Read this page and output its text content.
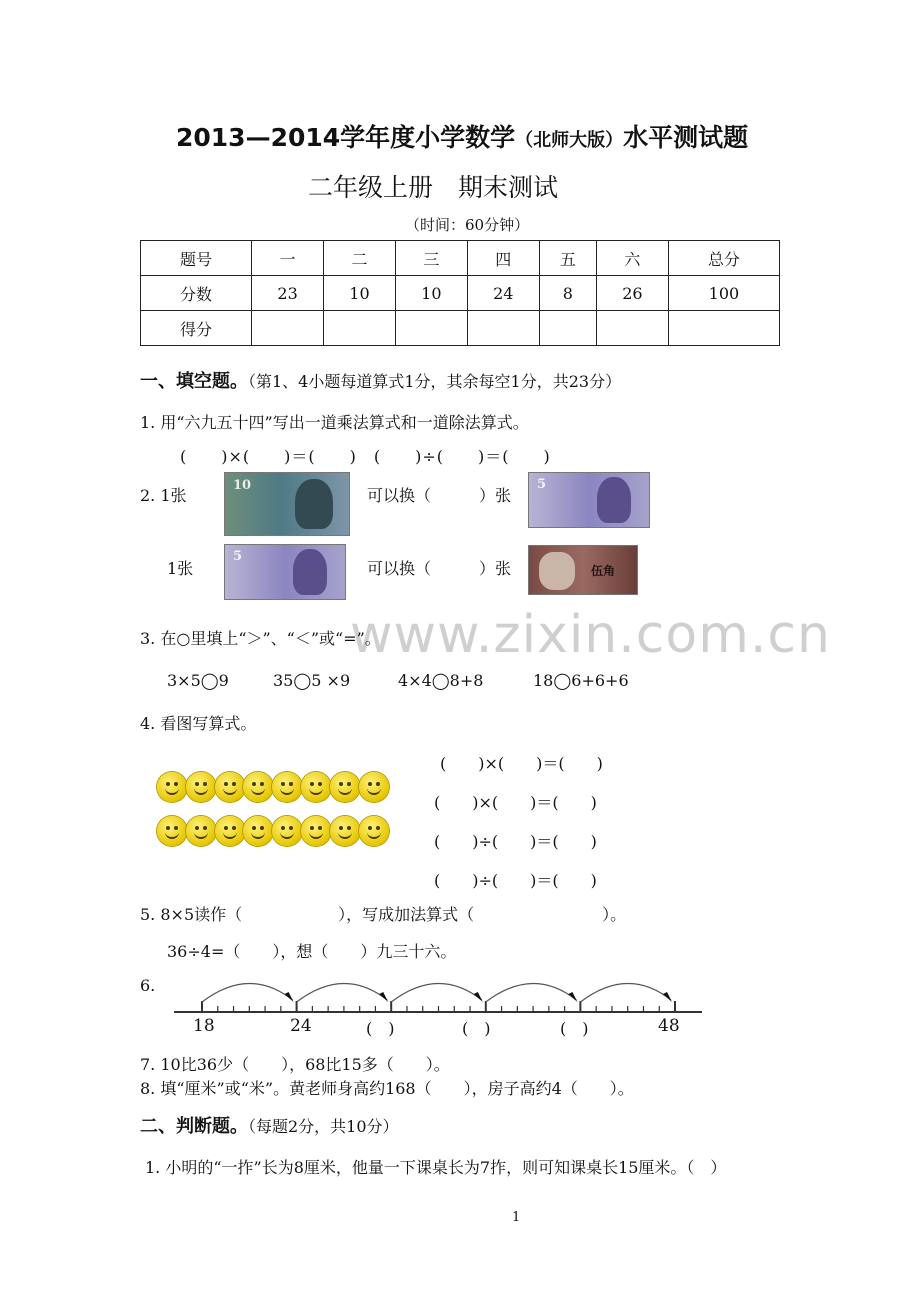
2013—2014学年度小学数学（北师大版）水平测试题
二年级上册　期末测试
（时间：60分钟）
题号	一	二	三	四	五	六	总分
分数	23	10	10	24	8	26	100
得分							
一、填空题。（第1、4小题每道算式1分，其余每空1分，共23分）
1. 用“六九五十四”写出一道乘法算式和一道除法算式。
(　　)×(　　)＝(　　)　(　　)÷(　　)＝(　　)
2. 1张
10
可以换（　　　）张
5
1张
5
可以换（　　　）张	伍角
www.zixin.com.cn
3. 在○里填上“＞”、“＜”或“=”。
3×5◯9	35◯5 ×9	4×4◯8+8	18◯6+6+6
4. 看图写算式。
(　　)×(　　)＝(　　)
(　　)×(　　)＝(　　)
(　　)÷(　　)＝(　　)
(　　)÷(　　)＝(　　)
5. 8×5读作（　　　　　　），写成加法算式（　　　　　　　　）。
36÷4=（　　），想（　　）九三十六。
6.
18	24	(　)	(　)	(　)	48
7. 10比36少（　　），68比15多（　　）。
8. 填“厘米”或“米”。黄老师身高约168（　　），房子高约4（　　）。
二、判断题。（每题2分，共10分）
1. 小明的“一拃”长为8厘米，他量一下课桌长为7拃，则可知课桌长15厘米。（　）
1
